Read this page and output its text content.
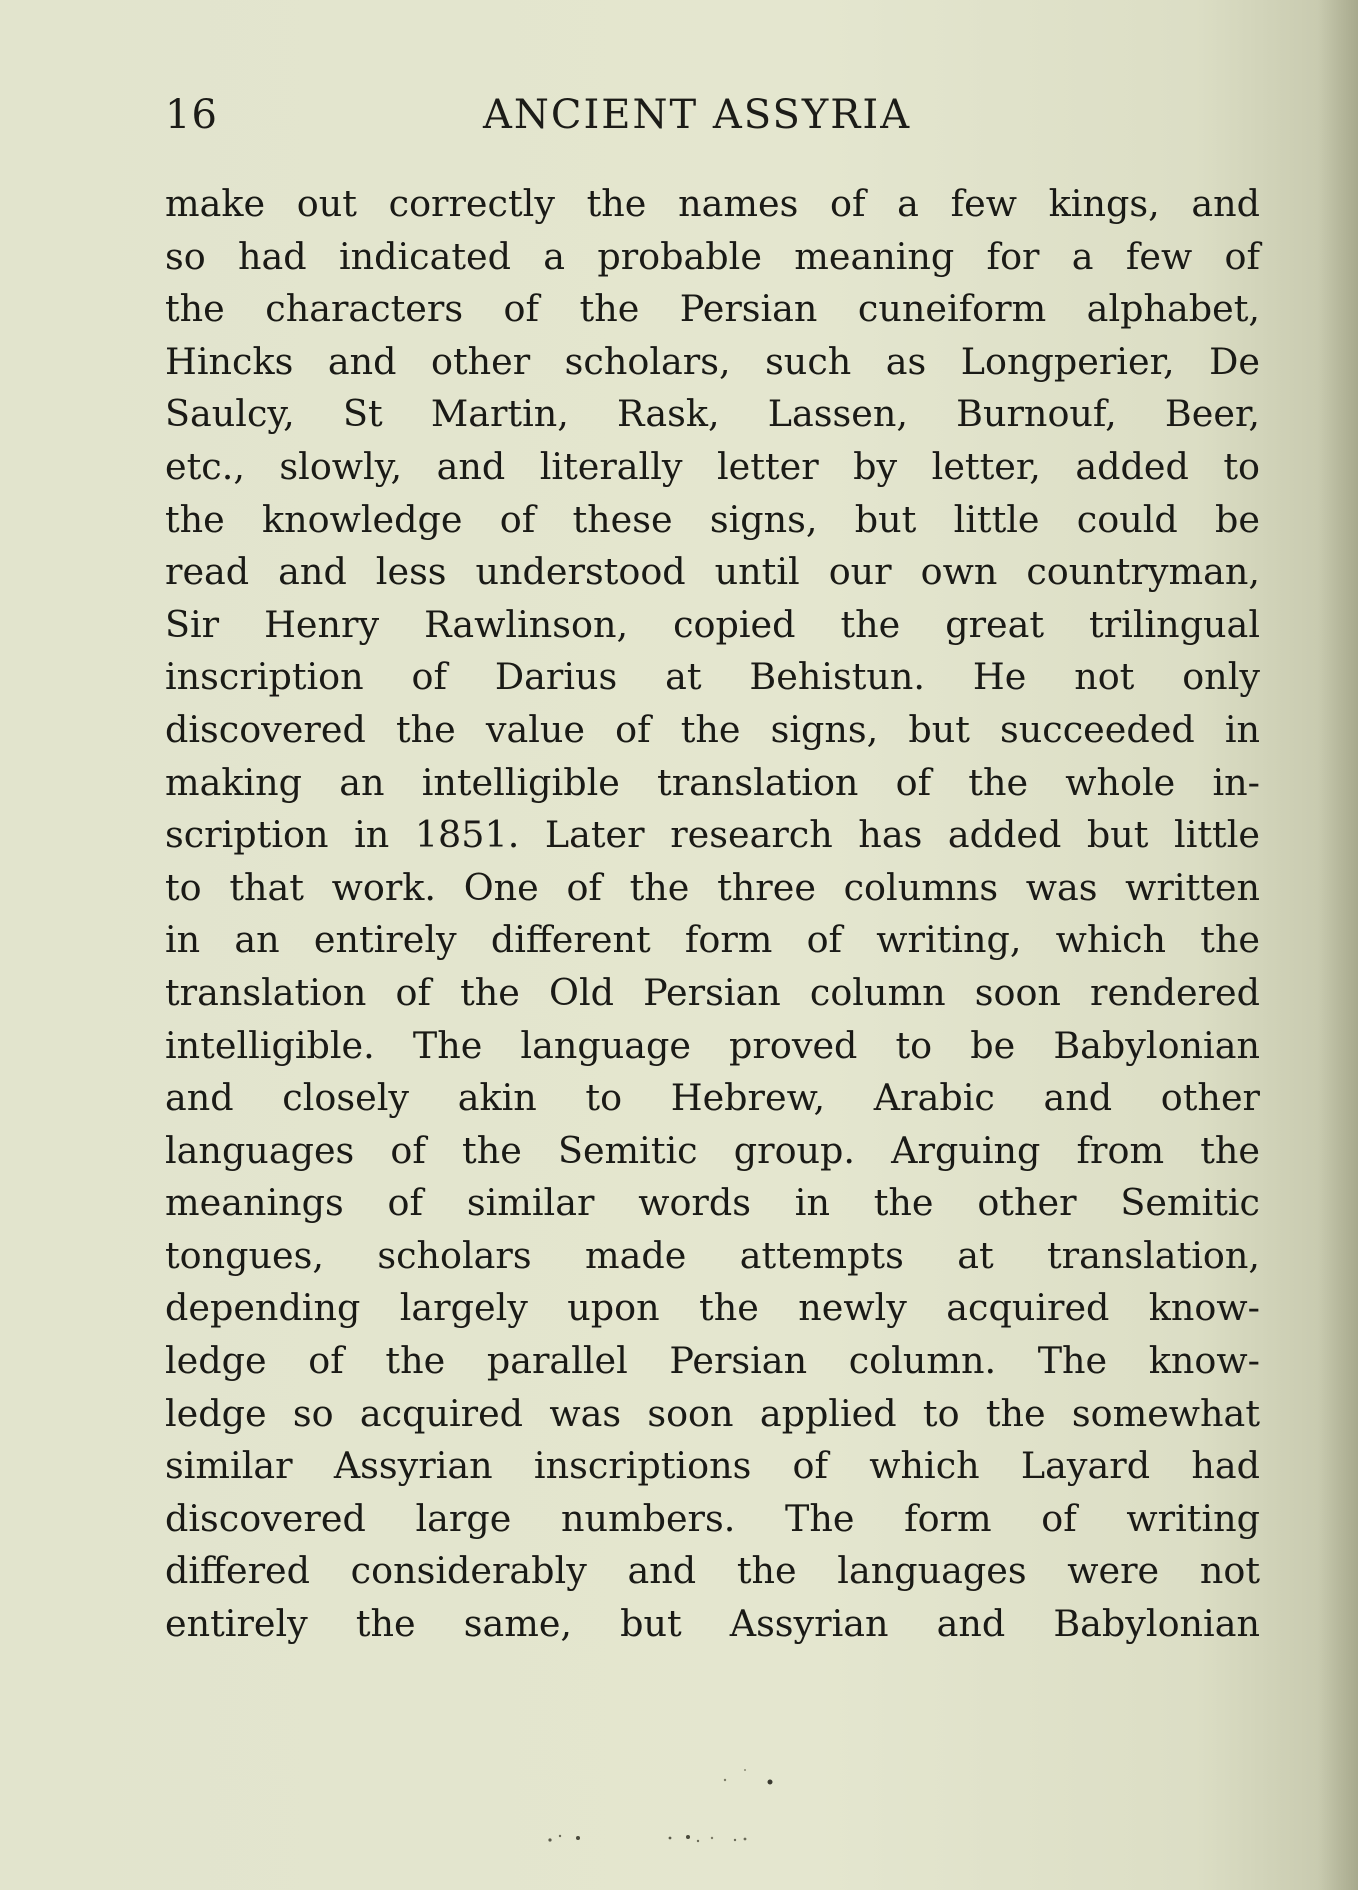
16	ANCIENT ASSYRIA
make out correctly the names of a few kings, and
so had indicated a probable meaning for a few of
the characters of the Persian cuneiform alphabet,
Hincks and other scholars, such as Longperier, De
Saulcy, St Martin, Rask, Lassen, Burnouf, Beer,
etc., slowly, and literally letter by letter, added to
the knowledge of these signs, but little could be
read and less understood until our own countryman,
Sir Henry Rawlinson, copied the great trilingual
inscription of Darius at Behistun. He not only
discovered the value of the signs, but succeeded in
making an intelligible translation of the whole in-
scription in 1851. Later research has added but little
to that work. One of the three columns was written
in an entirely different form of writing, which the
translation of the Old Persian column soon rendered
intelligible. The language proved to be Babylonian
and closely akin to Hebrew, Arabic and other
languages of the Semitic group. Arguing from the
meanings of similar words in the other Semitic
tongues, scholars made attempts at translation,
depending largely upon the newly acquired know-
ledge of the parallel Persian column. The know-
ledge so acquired was soon applied to the somewhat
similar Assyrian inscriptions of which Layard had
discovered large numbers. The form of writing
differed considerably and the languages were not
entirely the same, but Assyrian and Babylonian
